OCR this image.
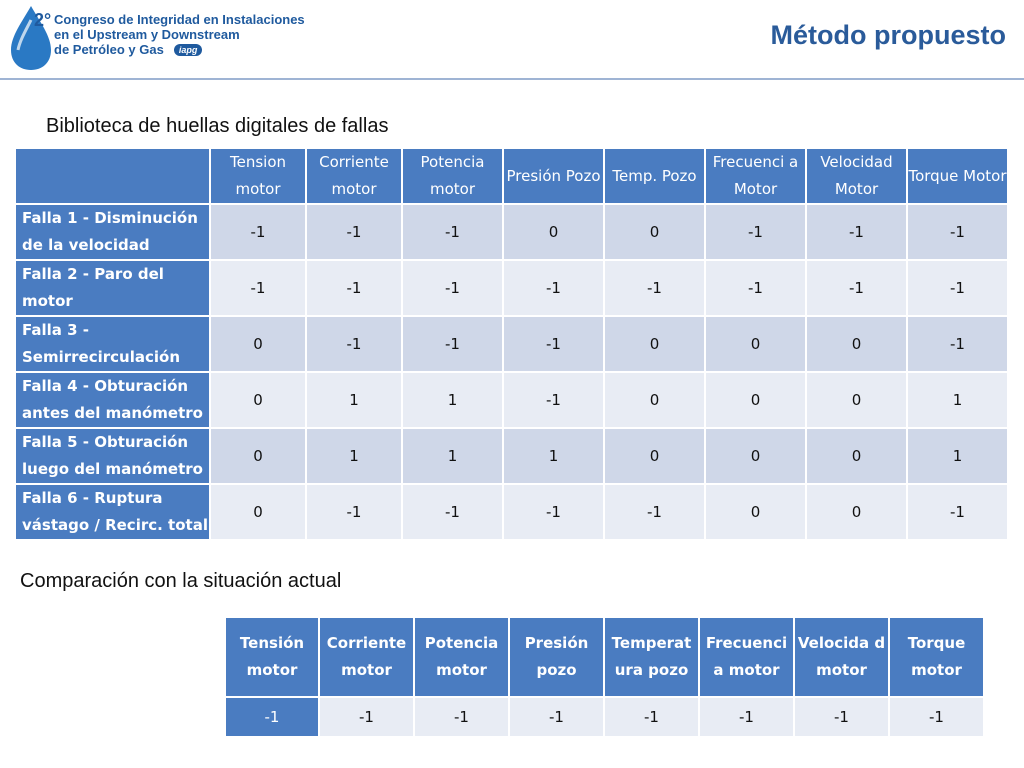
2° Congreso de Integridad en Instalaciones
en el Upstream y Downstream
de Petróleo y Gas iapg	Método propuesto
Biblioteca de huellas digitales de fallas
	Tension motor	Corriente motor	Potencia motor	Presión Pozo	Temp. Pozo	Frecuenci a Motor	Velocidad Motor	Torque Motor
Falla 1 - Disminución de la velocidad	-1	-1	-1	0	0	-1	-1	-1
Falla 2 - Paro del motor	-1	-1	-1	-1	-1	-1	-1	-1
Falla 3 - Semirrecirculación	0	-1	-1	-1	0	0	0	-1
Falla 4 - Obturación antes del manómetro	0	1	1	-1	0	0	0	1
Falla 5 - Obturación luego del manómetro	0	1	1	1	0	0	0	1
Falla 6 - Ruptura vástago / Recirc. total	0	-1	-1	-1	-1	0	0	-1
Comparación con la situación actual
Tensión motor	Corriente motor	Potencia motor	Presión pozo	Temperat ura pozo	Frecuenci a motor	Velocida d motor	Torque motor
-1	-1	-1	-1	-1	-1	-1	-1
